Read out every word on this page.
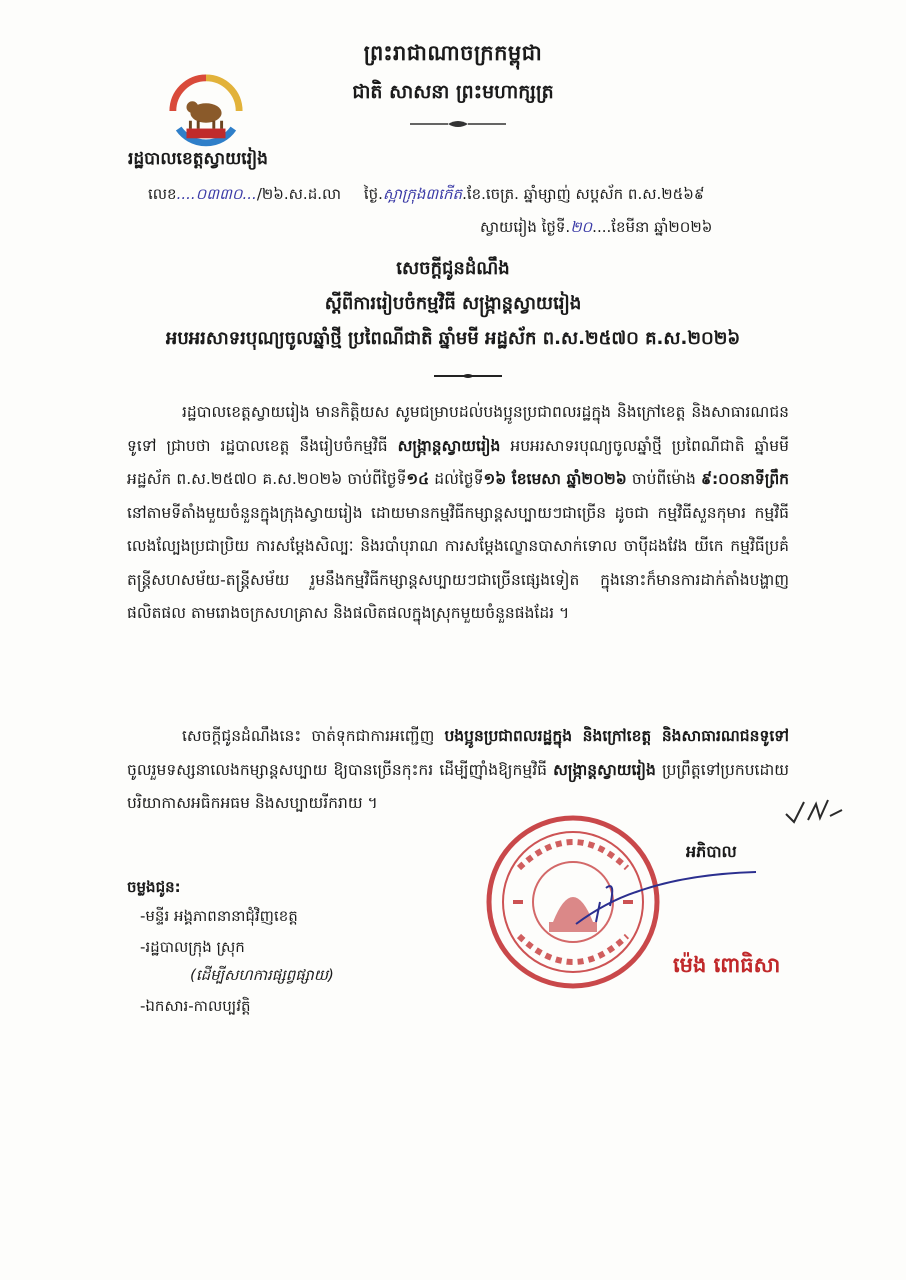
ព្រះរាជាណាចក្រកម្ពុជា
ជាតិ សាសនា ព្រះមហាក្សត្រ
រដ្ឋបាលខេត្តស្វាយរៀង
លេខ....០៣៣០.../២៦.ស.ដ.លា ថ្ងៃ.ស្អាក្រុង៣កើត.ខែ.ចេត្រ. ឆ្នាំម្សាញ់ សប្តស័ក ព.ស.២៥៦៩
ស្វាយរៀង ថ្ងៃទី.២០....ខែមីនា ឆ្នាំ២០២៦
សេចក្តីជូនដំណឹង
ស្តីពីការរៀបចំកម្មវិធី សង្ក្រាន្តស្វាយរៀង
អបអរសាទរបុណ្យចូលឆ្នាំថ្មី ប្រពៃណីជាតិ ឆ្នាំមមី អដ្ឋស័ក ព.ស.២៥៧០ គ.ស.២០២៦
រដ្ឋបាលខេត្តស្វាយរៀង មានកិត្តិយស សូមជម្រាបដល់បងប្អូនប្រជាពលរដ្ឋក្នុង និងក្រៅខេត្ត និងសាធារណជនទូទៅ ជ្រាបថា រដ្ឋបាលខេត្ត នឹងរៀបចំកម្មវិធី សង្ក្រាន្តស្វាយរៀង អបអរសាទរបុណ្យចូលឆ្នាំថ្មី ប្រពៃណីជាតិ ឆ្នាំមមី អដ្ឋស័ក ព.ស.២៥៧០ គ.ស.២០២៦ ចាប់ពីថ្ងៃទី១៤ ដល់ថ្ងៃទី១៦ ខែមេសា ឆ្នាំ២០២៦ ចាប់ពីម៉ោង ៩:០០នាទីព្រឹក នៅតាមទីតាំងមួយចំនួនក្នុងក្រុងស្វាយរៀង ដោយមានកម្មវិធីកម្សាន្តសប្បាយៗជាច្រើន ដូចជា កម្មវិធីសួនកុមារ កម្មវិធីលេងល្បែងប្រជាប្រិយ ការសម្តែងសិល្បៈ និងរបាំបុរាណ ការសម្តែងល្ខោនបាសាក់ទោល ចាប៉ីដងវែង យីកេ កម្មវិធីប្រគំតន្ត្រីសហសម័យ-តន្ត្រីសម័យ រួមនឹងកម្មវិធីកម្សាន្តសប្បាយៗជាច្រើនផ្សេងទៀត ក្នុងនោះក៏មានការដាក់តាំងបង្ហាញផលិតផល តាមរោងចក្រសហគ្រាស និងផលិតផលក្នុងស្រុកមួយចំនួនផងដែរ ។
សេចក្តីជូនដំណឹងនេះ ចាត់ទុកជាការអញ្ជើញ បងប្អូនប្រជាពលរដ្ឋក្នុង និងក្រៅខេត្ត និងសាធារណជនទូទៅ ចូលរួមទស្សនាលេងកម្សាន្តសប្បាយ ឱ្យបានច្រើនកុះករ ដើម្បីញ៉ាំងឱ្យកម្មវិធី សង្ក្រាន្តស្វាយរៀង ប្រព្រឹត្តទៅប្រកបដោយបរិយាកាសអធិកអធម និងសប្បាយរីករាយ ។
អភិបាល
ម៉េង ពោធិសា
ចម្លងជូន:
-មន្ទីរ អង្គភាពនានាជុំវិញខេត្ត
-រដ្ឋបាលក្រុង ស្រុក
(ដើម្បីសហការផ្សព្វផ្សាយ)
-ឯកសារ-កាលប្បវត្តិ
